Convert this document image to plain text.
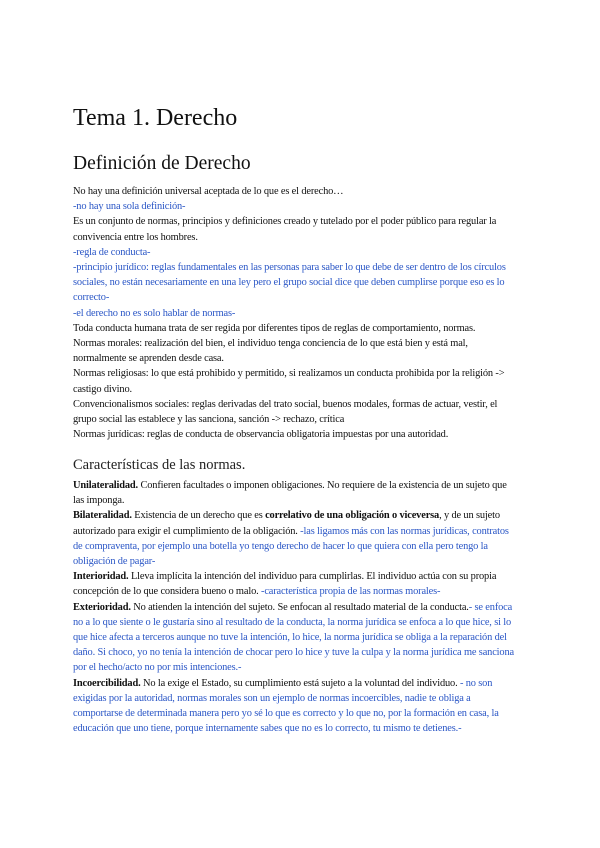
Tema 1. Derecho
Definición de Derecho

No hay una definición universal aceptada de lo que es el derecho…

-no hay una sola definición-

Es un conjunto de normas, principios y definiciones creado y tutelado por el poder público para regular la convivencia entre los hombres.

-regla de conducta-

-principio jurídico: reglas fundamentales en las personas para saber lo que debe de ser dentro de los círculos sociales, no están necesariamente en una ley pero el grupo social dice que deben cumplirse porque eso es lo correcto-

-el derecho no es solo hablar de normas-

Toda conducta humana trata de ser regida por diferentes tipos de reglas de comportamiento, normas.

Normas morales: realización del bien, el individuo tenga conciencia de lo que está bien y está mal, normalmente se aprenden desde casa.

Normas religiosas: lo que está prohibido y permitido, si realizamos un conducta prohibida por la religión -> castigo divino.

Convencionalismos sociales: reglas derivadas del trato social, buenos modales, formas de actuar, vestir, el grupo social las establece y las sanciona, sanción -> rechazo, crítica

Normas jurídicas: reglas de conducta de observancia obligatoria impuestas por una autoridad.

Características de las normas.

Unilateralidad. Confieren facultades o imponen obligaciones. No requiere de la existencia de un sujeto que las imponga.

Bilateralidad. Existencia de un derecho que es correlativo de una obligación o viceversa, y de un sujeto autorizado para exigir el cumplimiento de la obligación. -las ligamos más con las normas jurídicas, contratos de compraventa, por ejemplo una botella yo tengo derecho de hacer lo que quiera con ella pero tengo la obligación de pagar-

Interioridad. Lleva implícita la intención del individuo para cumplirlas. El individuo actúa con su propia concepción de lo que considera bueno o malo. -característica propia de las normas morales-

Exterioridad. No atienden la intención del sujeto. Se enfocan al resultado material de la conducta.- se enfoca no a lo que siente o le gustaría sino al resultado de la conducta, la norma jurídica se enfoca a lo que hice, si lo que hice afecta a terceros aunque no tuve la intención, lo hice, la norma jurídica se obliga a la reparación del daño. Si choco, yo no tenía la intención de chocar pero lo hice y tuve la culpa y la norma jurídica me sanciona por el hecho/acto no por mis intenciones.-

Incoercibilidad. No la exige el Estado, su cumplimiento está sujeto a la voluntad del individuo. - no son exigidas por la autoridad, normas morales son un ejemplo de normas incoercibles, nadie te obliga a comportarse de determinada manera pero yo sé lo que es correcto y lo que no, por la formación en casa, la educación que uno tiene, porque internamente sabes que no es lo correcto, tu mismo te detienes.-
